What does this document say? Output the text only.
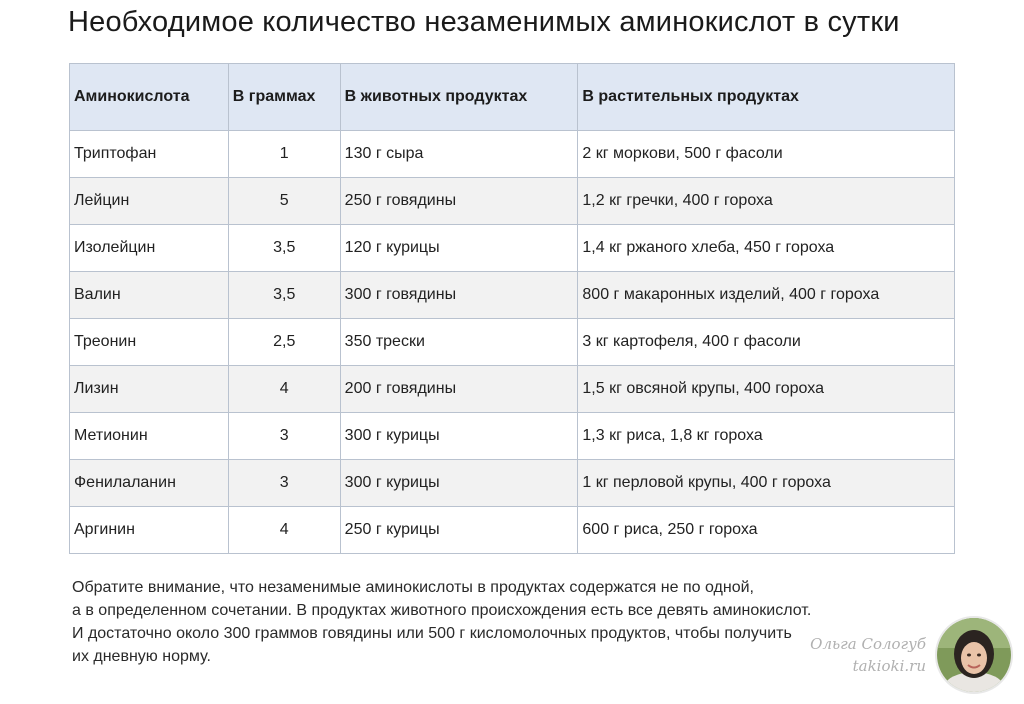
Необходимое количество незаменимых аминокислот в сутки
Аминокислота	В граммах	В животных продуктах	В растительных продуктах
Триптофан	1	130 г сыра	2 кг моркови, 500 г фасоли
Лейцин	5	250 г говядины	1,2 кг гречки, 400 г гороха
Изолейцин	3,5	120 г курицы	1,4 кг ржаного хлеба, 450 г гороха
Валин	3,5	300 г говядины	800 г макаронных изделий, 400 г гороха
Треонин	2,5	350 трески	3 кг картофеля, 400 г фасоли
Лизин	4	200 г говядины	1,5 кг овсяной крупы, 400 гороха
Метионин	3	300 г курицы	1,3 кг риса, 1,8 кг гороха
Фенилаланин	3	300 г курицы	1 кг перловой крупы, 400 г гороха
Аргинин	4	250 г курицы	600 г риса, 250 г гороха

Обратите внимание, что незаменимые аминокислоты в продуктах содержатся не по одной,

а в определенном сочетании. В продуктах животного происхождения есть все девять аминокислот.

И достаточно около 300 граммов говядины или 500 г кисломолочных продуктов, чтобы получить

их дневную норму.

Ольга Сологуб
takioki.ru
